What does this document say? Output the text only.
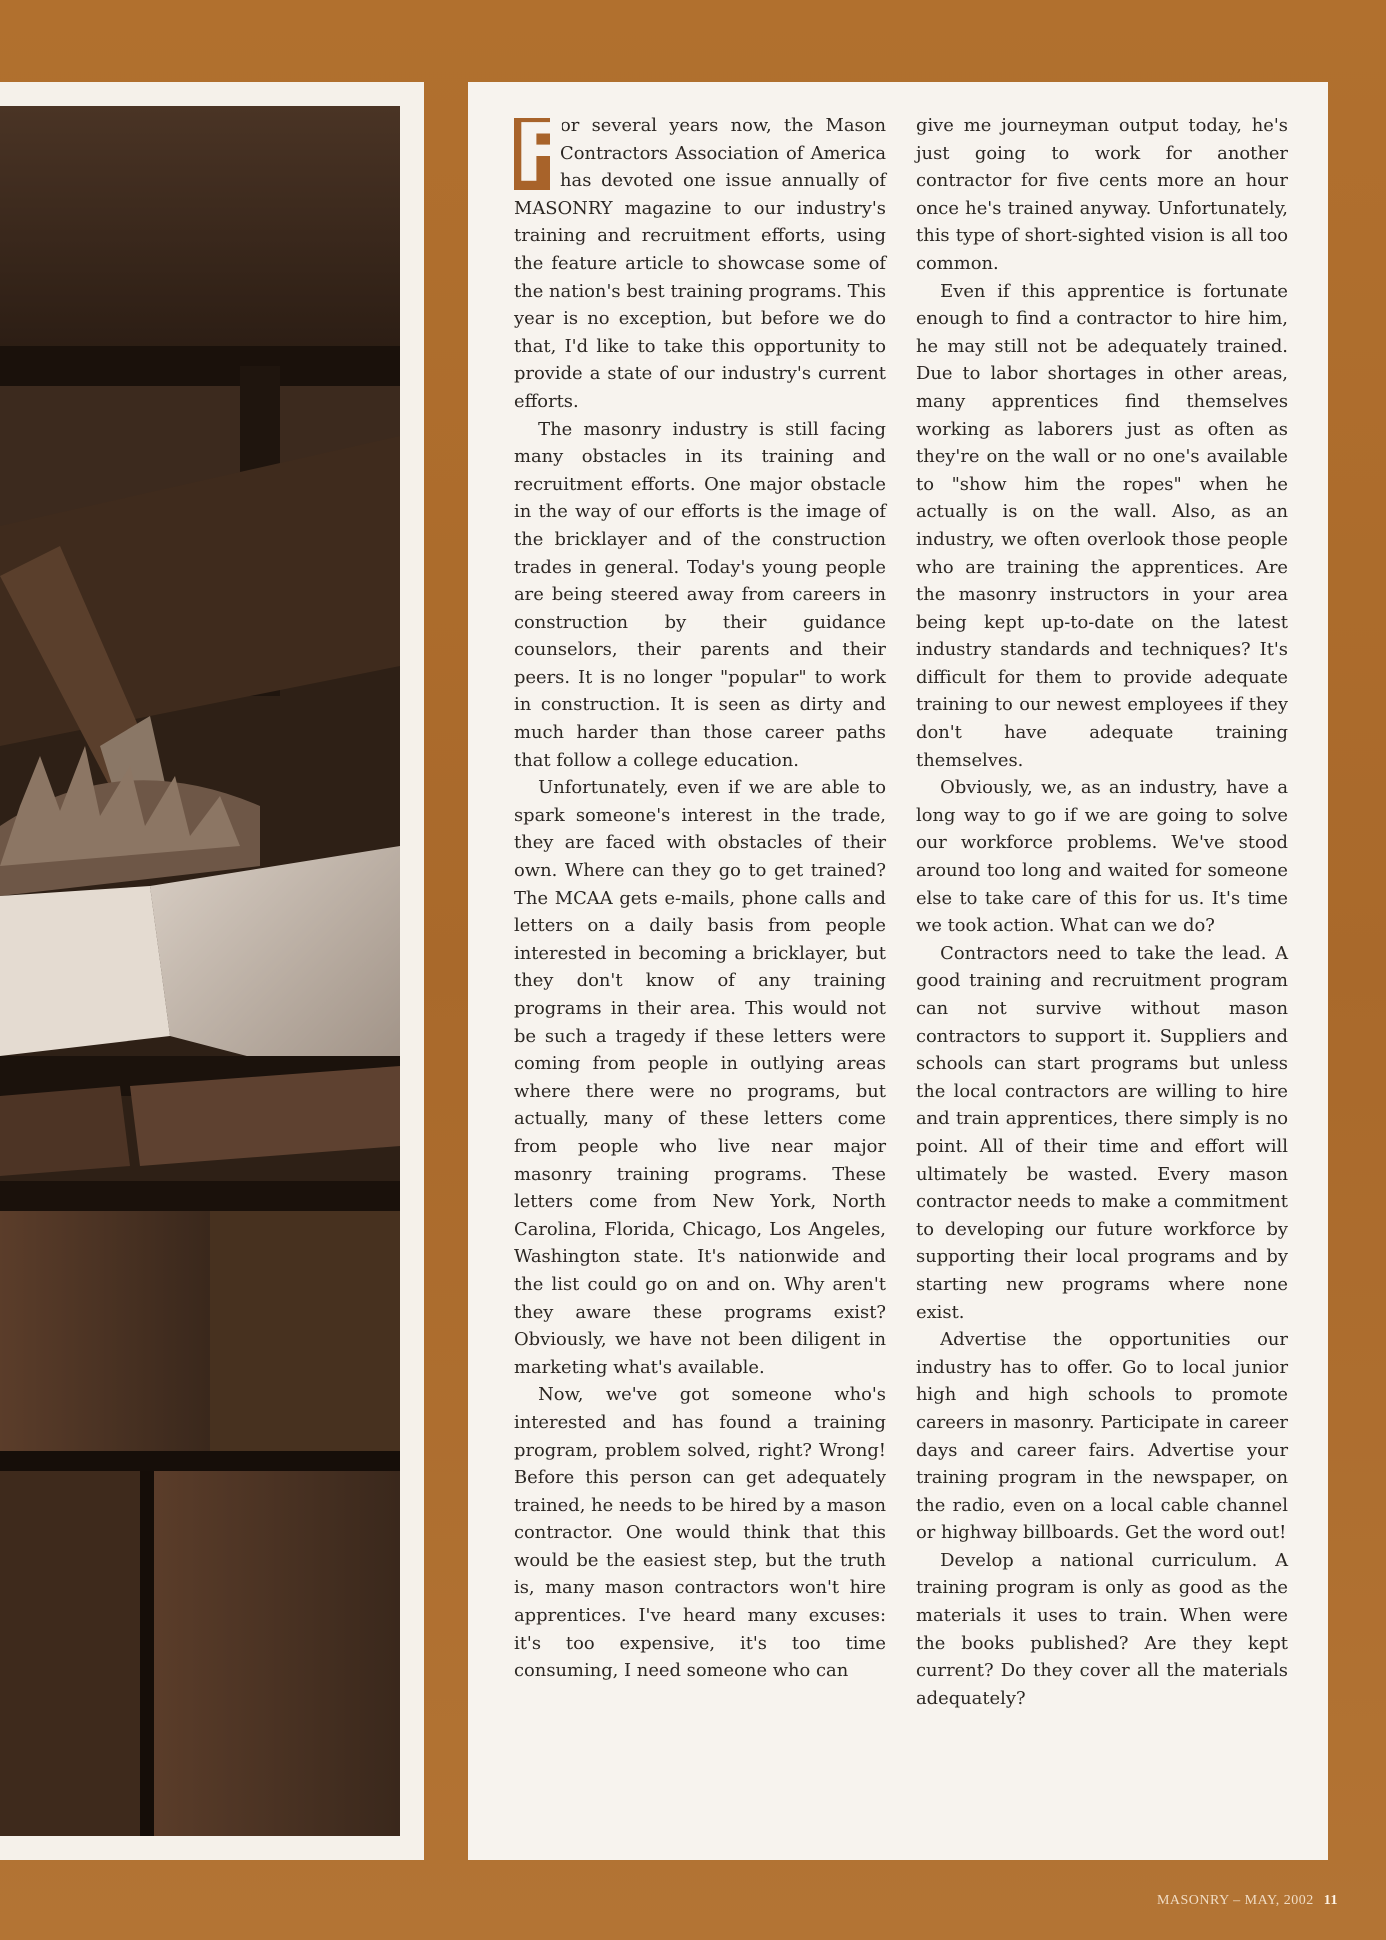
F
or several years now, the Mason Contractors Association of America has devoted one issue annually of MASONRY magazine to our industry's training and recruitment efforts, using the feature article to showcase some of the nation's best training programs. This year is no exception, but before we do that, I'd like to take this opportunity to provide a state of our industry's current efforts.

The masonry industry is still facing many obstacles in its training and recruitment efforts. One major obstacle in the way of our efforts is the image of the bricklayer and of the construction trades in general. Today's young people are being steered away from careers in construction by their guidance counselors, their parents and their peers. It is no longer "popular" to work in construction. It is seen as dirty and much harder than those career paths that follow a college education.

Unfortunately, even if we are able to spark someone's interest in the trade, they are faced with obstacles of their own. Where can they go to get trained? The MCAA gets e-mails, phone calls and letters on a daily basis from people interested in becoming a bricklayer, but they don't know of any training programs in their area. This would not be such a tragedy if these letters were coming from people in outlying areas where there were no programs, but actually, many of these letters come from people who live near major masonry training programs. These letters come from New York, North Carolina, Florida, Chicago, Los Angeles, Washington state. It's nationwide and the list could go on and on. Why aren't they aware these programs exist? Obviously, we have not been diligent in marketing what's available.

Now, we've got someone who's interested and has found a training program, problem solved, right? Wrong! Before this person can get adequately trained, he needs to be hired by a mason contractor. One would think that this would be the easiest step, but the truth is, many mason contractors won't hire apprentices. I've heard many excuses: it's too expensive, it's too time consuming, I need someone who can

give me journeyman output today, he's just going to work for another contractor for five cents more an hour once he's trained anyway. Unfortunately, this type of short-sighted vision is all too common.

Even if this apprentice is fortunate enough to find a contractor to hire him, he may still not be adequately trained. Due to labor shortages in other areas, many apprentices find themselves working as laborers just as often as they're on the wall or no one's available to "show him the ropes" when he actually is on the wall. Also, as an industry, we often overlook those people who are training the apprentices. Are the masonry instructors in your area being kept up-to-date on the latest industry standards and techniques? It's difficult for them to provide adequate training to our newest employees if they don't have adequate training themselves.

Obviously, we, as an industry, have a long way to go if we are going to solve our workforce problems. We've stood around too long and waited for someone else to take care of this for us. It's time we took action. What can we do?

Contractors need to take the lead. A good training and recruitment program can not survive without mason contractors to support it. Suppliers and schools can start programs but unless the local contractors are willing to hire and train apprentices, there simply is no point. All of their time and effort will ultimately be wasted. Every mason contractor needs to make a commitment to developing our future workforce by supporting their local programs and by starting new programs where none exist.

Advertise the opportunities our industry has to offer. Go to local junior high and high schools to promote careers in masonry. Participate in career days and career fairs. Advertise your training program in the newspaper, on the radio, even on a local cable channel or highway billboards. Get the word out!

Develop a national curriculum. A training program is only as good as the materials it uses to train. When were the books published? Are they kept current? Do they cover all the materials adequately?

MASONRY – MAY, 2002 11
